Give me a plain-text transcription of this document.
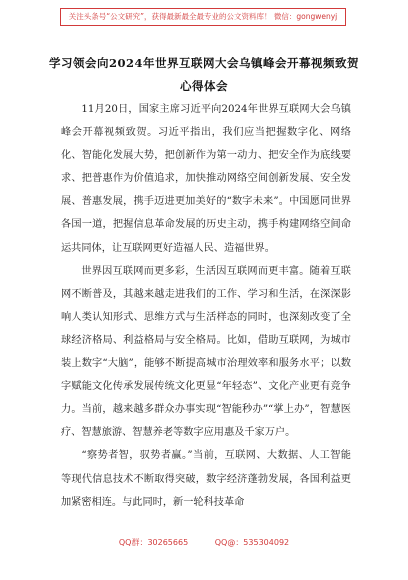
关注头条号“公文研究”，获得最新最全最专业的公文资料库！ 微信：gongwenyj
学习领会向2024年世界互联网大会乌镇峰会开幕视频致贺
心得体会

11月20日，国家主席习近平向2024年世界互联网大会乌镇峰会开幕视频致贺。习近平指出，我们应当把握数字化、网络化、智能化发展大势，把创新作为第一动力、把安全作为底线要求、把普惠作为价值追求，加快推动网络空间创新发展、安全发展、普惠发展，携手迈进更加美好的“数字未来”。中国愿同世界各国一道，把握信息革命发展的历史主动，携手构建网络空间命运共同体，让互联网更好造福人民、造福世界。

世界因互联网而更多彩，生活因互联网而更丰富。随着互联网不断普及，其越来越走进我们的工作、学习和生活，在深深影响人类认知形式、思维方式与生活样态的同时，也深刻改变了全球经济格局、利益格局与安全格局。比如，借助互联网，为城市装上数字“大脑”，能够不断提高城市治理效率和服务水平；以数字赋能文化传承发展传统文化更显“年轻态”、文化产业更有竞争力。当前，越来越多群众办事实现“智能秒办”“掌上办”，智慧医疗、智慧旅游、智慧养老等数字应用惠及千家万户。

“察势者智，驭势者赢。”当前，互联网、大数据、人工智能等现代信息技术不断取得突破，数字经济蓬勃发展，各国利益更加紧密相连。与此同时，新一轮科技革命

QQ群：30265665	QQ@：535304092
